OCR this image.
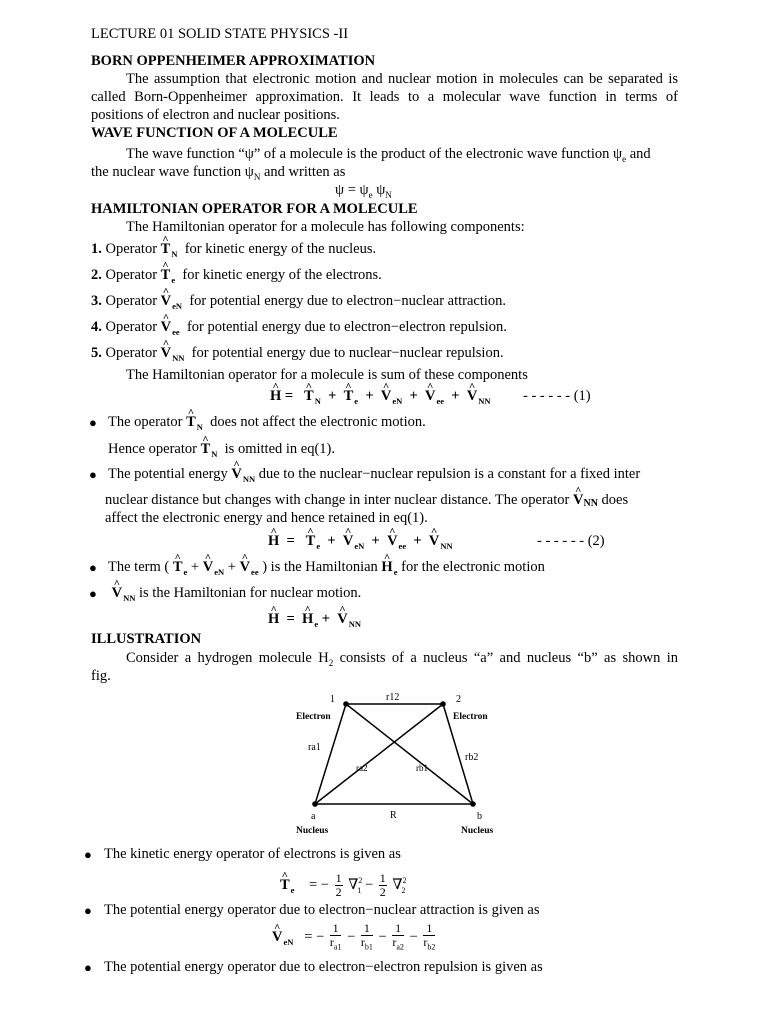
LECTURE 01 SOLID STATE PHYSICS -II
BORN OPPENHEIMER APPROXIMATION
The assumption that electronic motion and nuclear motion in molecules can be separated is
called Born-Oppenheimer approximation. It leads to a molecular wave function in terms of
positions of electron and nuclear positions.
WAVE FUNCTION OF A MOLECULE
The wave function “ψ” of a molecule is the product of the electronic wave function $\psi_e$ and
the nuclear wave function $\psi_N$ and written as
$\psi = \psi_e$ $\psi_N$
HAMILTONIAN OPERATOR FOR A MOLECULE
The Hamiltonian operator for a molecule has following components:
1. Operator ^ $T_N$ for kinetic energy of the nucleus.
2. Operator ^ $T_e$ for kinetic energy of the electrons.
3. Operator ^ $V_{eN}$ for potential energy due to electron−nuclear attraction.
4. Operator ^ $V_{ee}$ for potential energy due to electron−electron repulsion.
5. Operator ^ $V_{NN}$ for potential energy due to nuclear−nuclear repulsion.
The Hamiltonian operator for a molecule is sum of these components
^ H = ^ $T_N$ + ^ $T_e$ + ^ $V_{eN}$ + ^ $V_{ee}$ + ^ $V_{NN}$ - - - - - - (1)
● The operator ^ $T_N$ does not affect the electronic motion.
Hence operator ^ $T_N$ is omitted in eq(1).
● The potential energy ^ $V_{NN}$ due to the nuclear−nuclear repulsion is a constant for a fixed inter
nuclear distance but changes with change in inter nuclear distance. The operator ^ VNN does
affect the electronic energy and hence retained in eq(1).
^ H = ^ $T_e$ + ^ $V_{eN}$ + ^ $V_{ee}$ + ^ $V_{NN}$	- - - - - - (2)
● The term ( ^ $T_e$ + ^ $V_{eN}$ + ^ $V_{ee}$ ) is the Hamiltonian ^ $H_e$ for the electronic motion
● ^ $V_{NN}$ is the Hamiltonian for nuclear motion.
^ H = ^ $H_e$ + ^ $V_{NN}$
ILLUSTRATION
Consider a hydrogen molecule $H_2$ consists of a nucleus “a” and nucleus “b” as shown in
fig.
1	2
Electron	Electron
r12
ra1
rb2
ra2	rb1
R
a	b
Nucleus	Nucleus
● The kinetic energy operator of electrons is given as
^ $T_e$    = − $\frac{1}{2} \nabla^2_1 - \frac{1}{2} \nabla^2_2$
● The potential energy operator due to electron−nuclear attraction is given as
^ $V_{eN}$   = − $\frac{1}{r_{a1}} - \frac{1}{r_{b1}} - \frac{1}{r_{a2}} - \frac{1}{r_{b2}}$
● The potential energy operator due to electron−electron repulsion is given as
